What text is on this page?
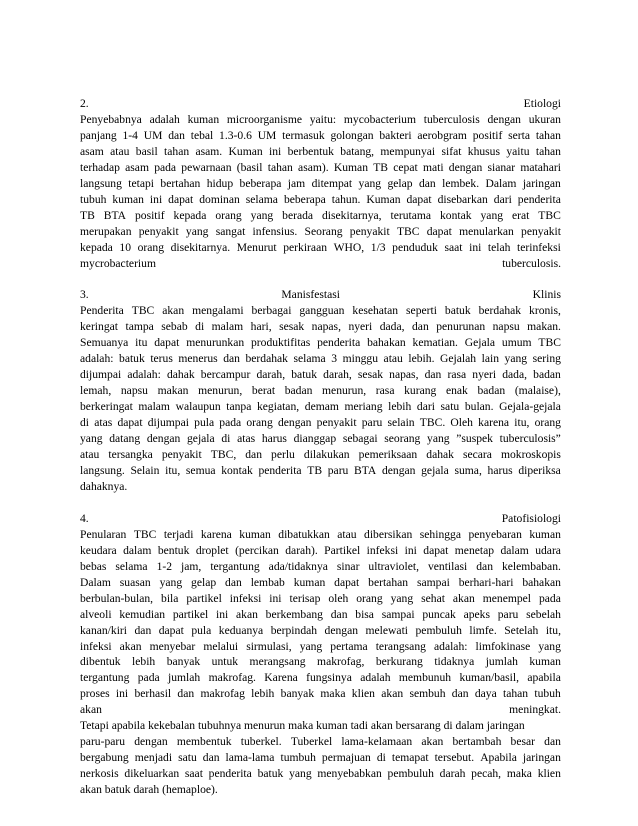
2.	Etiologi
Penyebabnya adalah kuman microorganisme yaitu: mycobacterium tuberculosis dengan ukuran
panjang 1-4 UM dan tebal 1.3-0.6 UM termasuk golongan bakteri aerobgram positif serta tahan
asam atau basil tahan asam. Kuman ini berbentuk batang, mempunyai sifat khusus yaitu tahan
terhadap asam pada pewarnaan (basil tahan asam). Kuman TB cepat mati dengan sianar matahari
langsung tetapi bertahan hidup beberapa jam ditempat yang gelap dan lembek. Dalam jaringan
tubuh kuman ini dapat dominan selama beberapa tahun. Kuman dapat disebarkan dari penderita
TB BTA positif kepada orang yang berada disekitarnya, terutama kontak yang erat TBC
merupakan penyakit yang sangat infensius. Seorang penyakit TBC dapat menularkan penyakit
kepada 10 orang disekitarnya. Menurut perkiraan WHO, 1/3 penduduk saat ini telah terinfeksi
mycrobacterium	tuberculosis.
3.	Manisfestasi	Klinis
Penderita TBC akan mengalami berbagai gangguan kesehatan seperti batuk berdahak kronis,
keringat tampa sebab di malam hari, sesak napas, nyeri dada, dan penurunan napsu makan.
Semuanya itu dapat menurunkan produktifitas penderita bahakan kematian. Gejala umum TBC
adalah: batuk terus menerus dan berdahak selama 3 minggu atau lebih. Gejalah lain yang sering
dijumpai adalah: dahak bercampur darah, batuk darah, sesak napas, dan rasa nyeri dada, badan
lemah, napsu makan menurun, berat badan menurun, rasa kurang enak badan (malaise),
berkeringat malam walaupun tanpa kegiatan, demam meriang lebih dari satu bulan. Gejala-gejala
di atas dapat dijumpai pula pada orang dengan penyakit paru selain TBC. Oleh karena itu, orang
yang datang dengan gejala di atas harus dianggap sebagai seorang yang ”suspek tuberculosis”
atau tersangka penyakit TBC, dan perlu dilakukan pemeriksaan dahak secara mokroskopis
langsung. Selain itu, semua kontak penderita TB paru BTA dengan gejala suma, harus diperiksa
dahaknya.
4.	Patofisiologi
Penularan TBC terjadi karena kuman dibatukkan atau dibersikan sehingga penyebaran kuman
keudara dalam bentuk droplet (percikan darah). Partikel infeksi ini dapat menetap dalam udara
bebas selama 1-2 jam, tergantung ada/tidaknya sinar ultraviolet, ventilasi dan kelembaban.
Dalam suasan yang gelap dan lembab kuman dapat bertahan sampai berhari-hari bahakan
berbulan-bulan, bila partikel infeksi ini terisap oleh orang yang sehat akan menempel pada
alveoli kemudian partikel ini akan berkembang dan bisa sampai puncak apeks paru sebelah
kanan/kiri dan dapat pula keduanya berpindah dengan melewati pembuluh limfe. Setelah itu,
infeksi akan menyebar melalui sirmulasi, yang pertama terangsang adalah: limfokinase yang
dibentuk lebih banyak untuk merangsang makrofag, berkurang tidaknya jumlah kuman
tergantung pada jumlah makrofag. Karena fungsinya adalah membunuh kuman/basil, apabila
proses ini berhasil dan makrofag lebih banyak maka klien akan sembuh dan daya tahan tubuh
akan	meningkat.
Tetapi apabila kekebalan tubuhnya menurun maka kuman tadi akan bersarang di dalam jaringan
paru-paru dengan membentuk tuberkel. Tuberkel lama-kelamaan akan bertambah besar dan
bergabung menjadi satu dan lama-lama tumbuh permajuan di temapat tersebut. Apabila jaringan
nerkosis dikeluarkan saat penderita batuk yang menyebabkan pembuluh darah pecah, maka klien
akan batuk darah (hemaploe).
